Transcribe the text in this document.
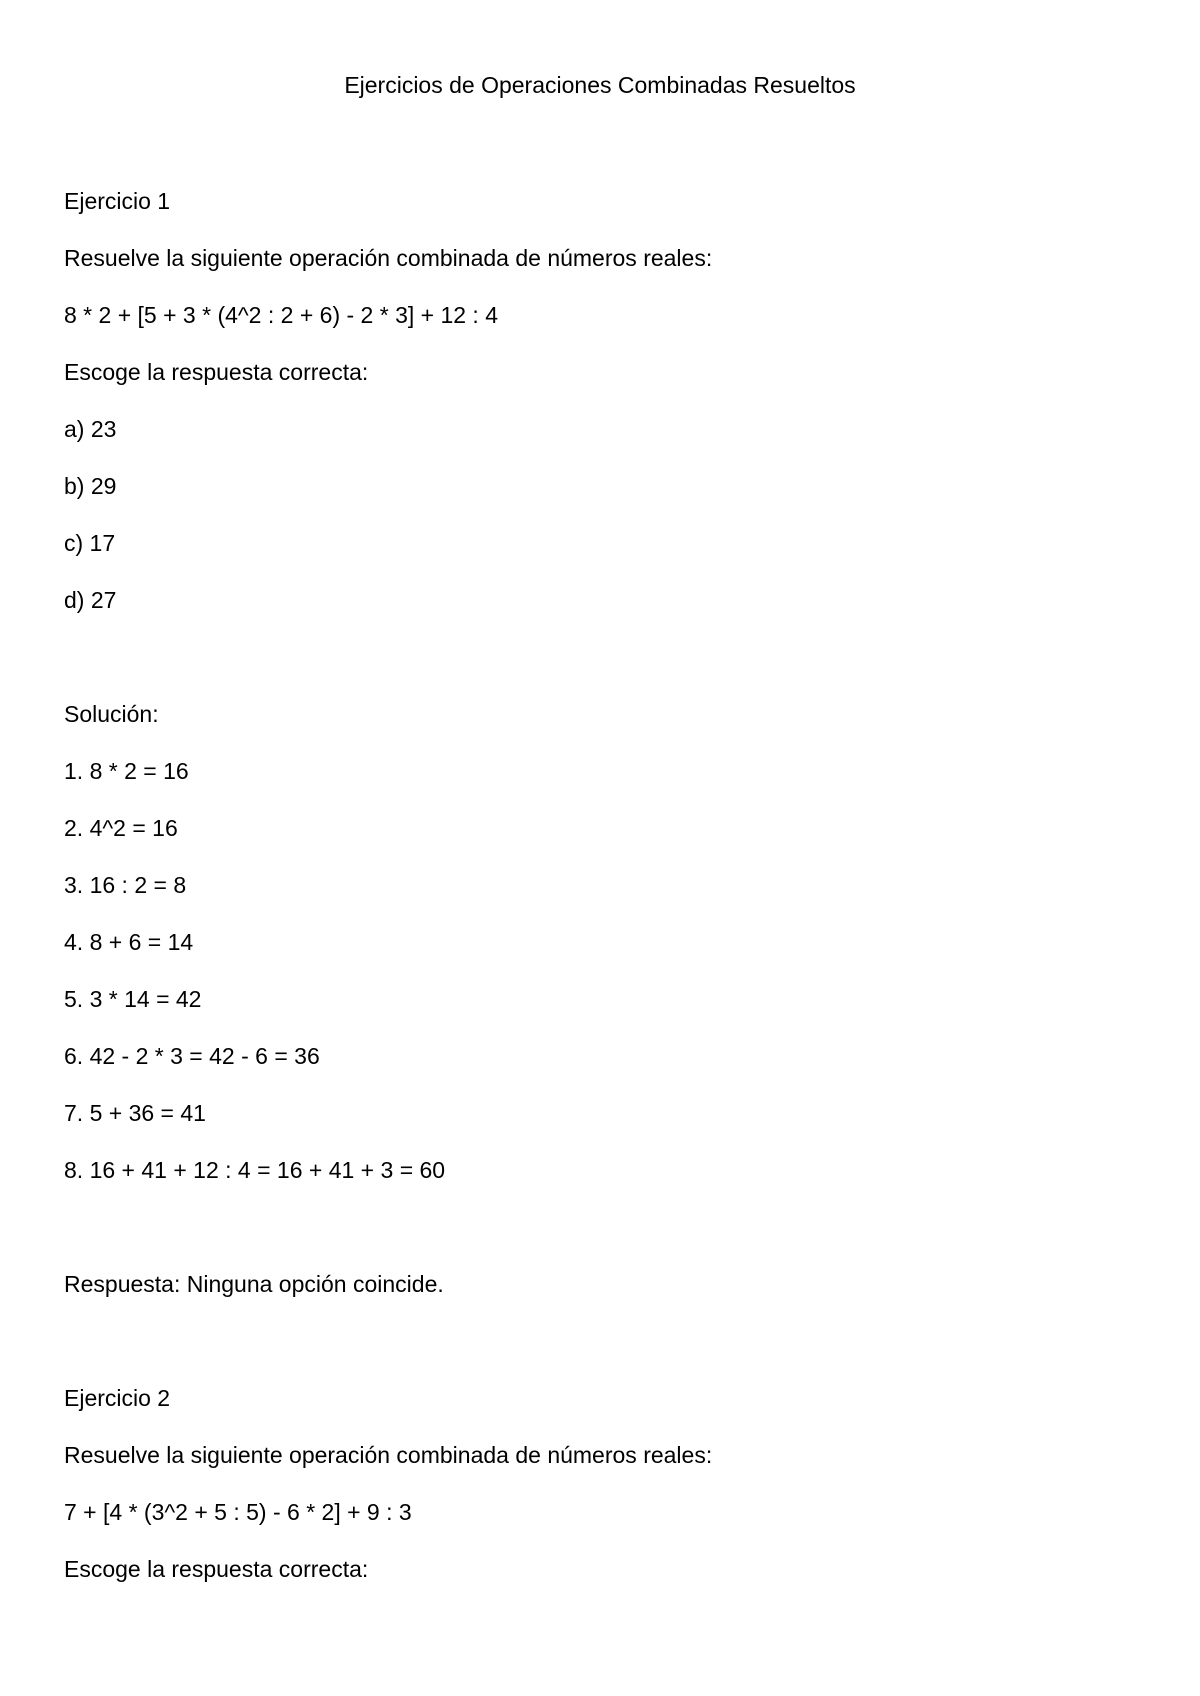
Ejercicios de Operaciones Combinadas Resueltos
Ejercicio 1
Resuelve la siguiente operación combinada de números reales:
8 * 2 + [5 + 3 * (4^2 : 2 + 6) - 2 * 3] + 12 : 4
Escoge la respuesta correcta:
a) 23
b) 29
c) 17
d) 27
Solución:
1. 8 * 2 = 16
2. 4^2 = 16
3. 16 : 2 = 8
4. 8 + 6 = 14
5. 3 * 14 = 42
6. 42 - 2 * 3 = 42 - 6 = 36
7. 5 + 36 = 41
8. 16 + 41 + 12 : 4 = 16 + 41 + 3 = 60
Respuesta: Ninguna opción coincide.
Ejercicio 2
Resuelve la siguiente operación combinada de números reales:
7 + [4 * (3^2 + 5 : 5) - 6 * 2] + 9 : 3
Escoge la respuesta correcta:
